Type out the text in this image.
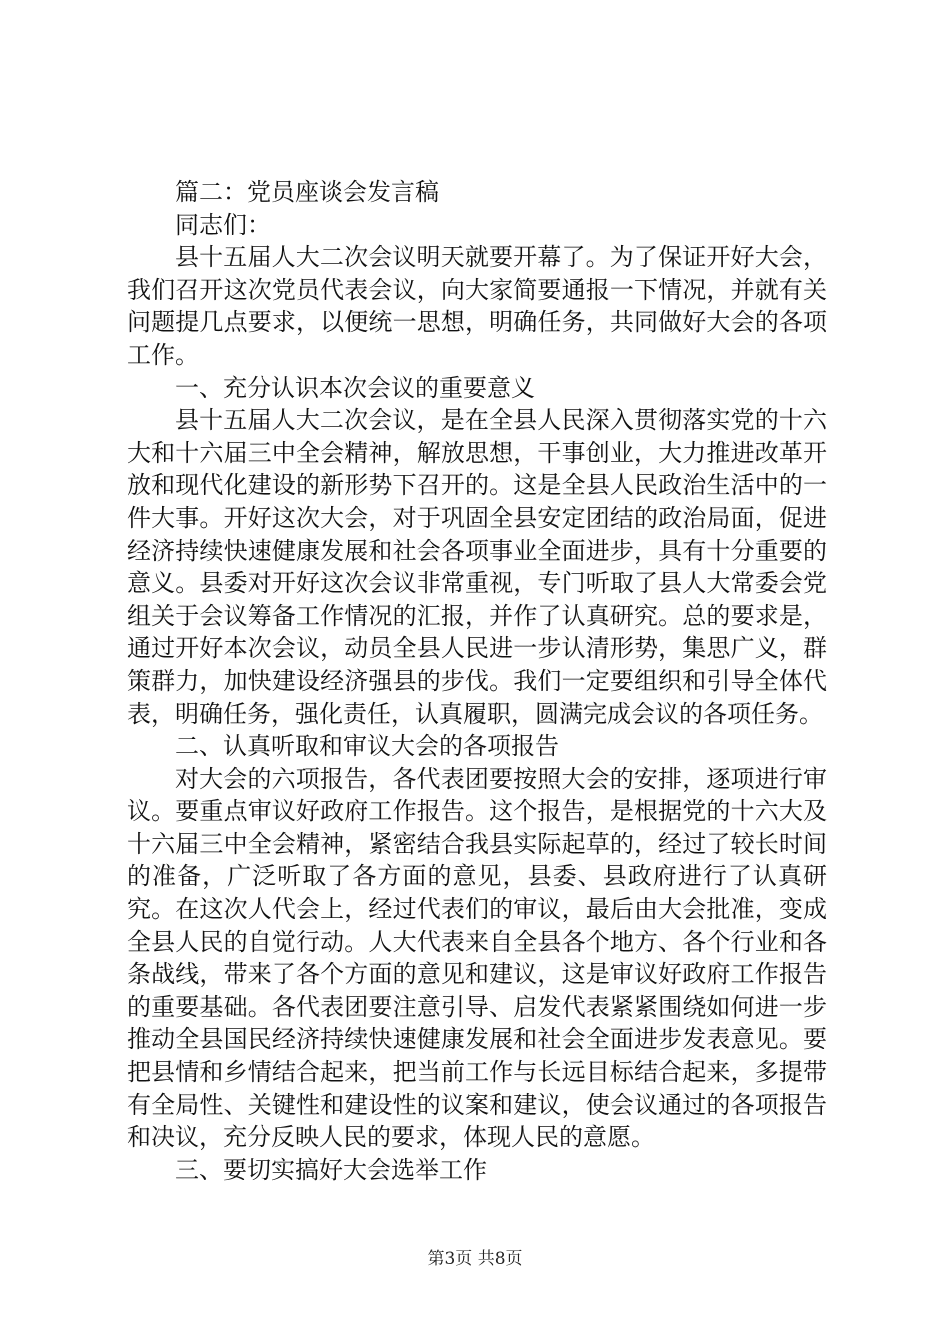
篇二：党员座谈会发言稿

同志们：

县十五届人大二次会议明天就要开幕了。为了保证开好大会，我们召开这次党员代表会议，向大家简要通报一下情况，并就有关问题提几点要求，以便统一思想，明确任务，共同做好大会的各项工作。

一、充分认识本次会议的重要意义

县十五届人大二次会议，是在全县人民深入贯彻落实党的十六大和十六届三中全会精神，解放思想，干事创业，大力推进改革开放和现代化建设的新形势下召开的。这是全县人民政治生活中的一件大事。开好这次大会，对于巩固全县安定团结的政治局面，促进经济持续快速健康发展和社会各项事业全面进步，具有十分重要的意义。县委对开好这次会议非常重视，专门听取了县人大常委会党组关于会议筹备工作情况的汇报，并作了认真研究。总的要求是，通过开好本次会议，动员全县人民进一步认清形势，集思广义，群策群力，加快建设经济强县的步伐。我们一定要组织和引导全体代表，明确任务，强化责任，认真履职，圆满完成会议的各项任务。

二、认真听取和审议大会的各项报告

对大会的六项报告，各代表团要按照大会的安排，逐项进行审议。要重点审议好政府工作报告。这个报告，是根据党的十六大及十六届三中全会精神，紧密结合我县实际起草的，经过了较长时间的准备，广泛听取了各方面的意见，县委、县政府进行了认真研究。在这次人代会上，经过代表们的审议，最后由大会批准，变成全县人民的自觉行动。人大代表来自全县各个地方、各个行业和各条战线，带来了各个方面的意见和建议，这是审议好政府工作报告的重要基础。各代表团要注意引导、启发代表紧紧围绕如何进一步推动全县国民经济持续快速健康发展和社会全面进步发表意见。要把县情和乡情结合起来，把当前工作与长远目标结合起来，多提带有全局性、关键性和建设性的议案和建议，使会议通过的各项报告和决议，充分反映人民的要求，体现人民的意愿。

三、要切实搞好大会选举工作

第3页 共8页
